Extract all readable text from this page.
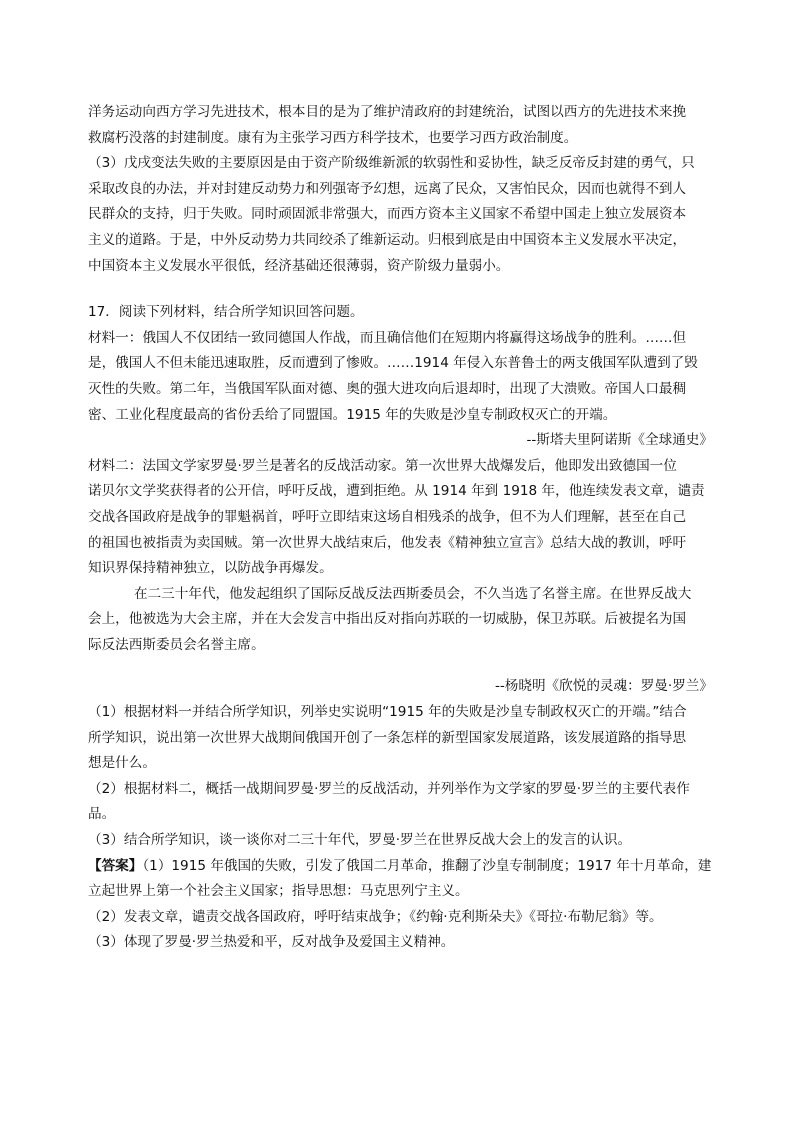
洋务运动向西方学习先进技术，根本目的是为了维护清政府的封建统治，试图以西方的先进技术来挽

救腐朽没落的封建制度。康有为主张学习西方科学技术，也要学习西方政治制度。

（3）戊戌变法失败的主要原因是由于资产阶级维新派的软弱性和妥协性，缺乏反帝反封建的勇气，只

采取改良的办法，并对封建反动势力和列强寄予幻想，远离了民众，又害怕民众，因而也就得不到人

民群众的支持，归于失败。同时顽固派非常强大，而西方资本主义国家不希望中国走上独立发展资本

主义的道路。于是，中外反动势力共同绞杀了维新运动。归根到底是由中国资本主义发展水平决定，

中国资本主义发展水平很低，经济基础还很薄弱，资产阶级力量弱小。

17．阅读下列材料，结合所学知识回答问题。

材料一：俄国人不仅团结一致同德国人作战，而且确信他们在短期内将赢得这场战争的胜利。……但

是，俄国人不但未能迅速取胜，反而遭到了惨败。……1914 年侵入东普鲁士的两支俄国军队遭到了毁

灭性的失败。第二年，当俄国军队面对德、奥的强大进攻向后退却时，出现了大溃败。帝国人口最稠

密、工业化程度最高的省份丢给了同盟国。1915 年的失败是沙皇专制政权灭亡的开端。

--斯塔夫里阿诺斯《全球通史》

材料二：法国文学家罗曼·罗兰是著名的反战活动家。第一次世界大战爆发后，他即发出致德国一位

诺贝尔文学奖获得者的公开信，呼吁反战，遭到拒绝。从 1914 年到 1918 年，他连续发表文章，谴责

交战各国政府是战争的罪魁祸首，呼吁立即结束这场自相残杀的战争，但不为人们理解，甚至在自己

的祖国也被指责为卖国贼。第一次世界大战结束后，他发表《精神独立宣言》总结大战的教训，呼吁

知识界保持精神独立，以防战争再爆发。

在二三十年代，他发起组织了国际反战反法西斯委员会，不久当选了名誉主席。在世界反战大

会上，他被选为大会主席，并在大会发言中指出反对指向苏联的一切威胁，保卫苏联。后被提名为国

际反法西斯委员会名誉主席。

--杨晓明《欣悦的灵魂：罗曼·罗兰》

（1）根据材料一并结合所学知识，列举史实说明“1915 年的失败是沙皇专制政权灭亡的开端。”结合

所学知识，说出第一次世界大战期间俄国开创了一条怎样的新型国家发展道路，该发展道路的指导思

想是什么。

（2）根据材料二，概括一战期间罗曼·罗兰的反战活动，并列举作为文学家的罗曼·罗兰的主要代表作

品。

（3）结合所学知识，谈一谈你对二三十年代，罗曼·罗兰在世界反战大会上的发言的认识。

【答案】（1）1915 年俄国的失败，引发了俄国二月革命，推翻了沙皇专制制度；1917 年十月革命，建

立起世界上第一个社会主义国家；指导思想：马克思列宁主义。

（2）发表文章，谴责交战各国政府，呼吁结束战争；《约翰·克利斯朵夫》《哥拉·布勒尼翁》等。

（3）体现了罗曼·罗兰热爱和平，反对战争及爱国主义精神。
